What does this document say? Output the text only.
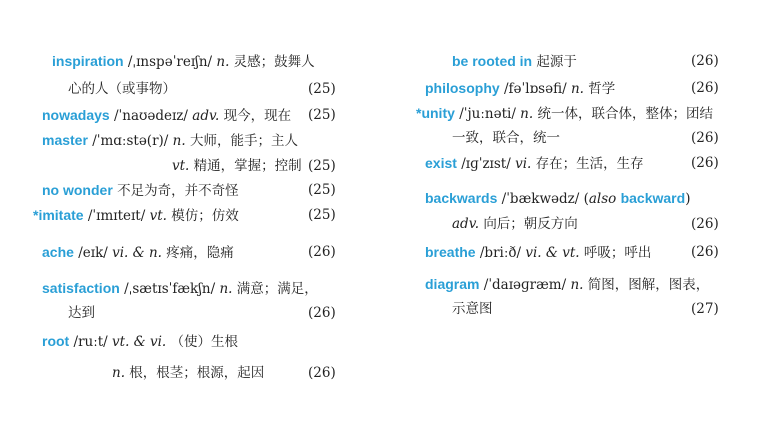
inspiration /ˌɪnspəˈreɪʃn/ n. 灵感；鼓舞人
心的人（或事物）	(25)
nowadays /ˈnaʊədeɪz/ adv. 现今，现在 (25)
master /ˈmɑːstə(r)/ n. 大师，能手；主人
vt. 精通，掌握；控制 (25)
no wonder 不足为奇，并不奇怪	(25)
*imitate /ˈɪmɪteɪt/ vt. 模仿；仿效	(25)
ache /eɪk/ vi. & n. 疼痛，隐痛	(26)
satisfaction /ˌsætɪsˈfækʃn/ n. 满意；满足，
达到	(26)
root /ruːt/ vt. & vi. （使）生根
n. 根，根茎；根源，起因	(26)
be rooted in 起源于	(26)
philosophy /fəˈlɒsəfi/ n. 哲学	(26)
*unity /ˈjuːnəti/ n. 统一体，联合体，整体；团结
一致，联合，统一	(26)
exist /ɪɡˈzɪst/ vi. 存在；生活，生存	(26)
backwards /ˈbækwədz/ (also backward)
adv. 向后；朝反方向	(26)
breathe /briːð/ vi. & vt. 呼吸；呼出	(26)
diagram /ˈdaɪəɡræm/ n. 简图，图解，图表，
示意图	(27)
